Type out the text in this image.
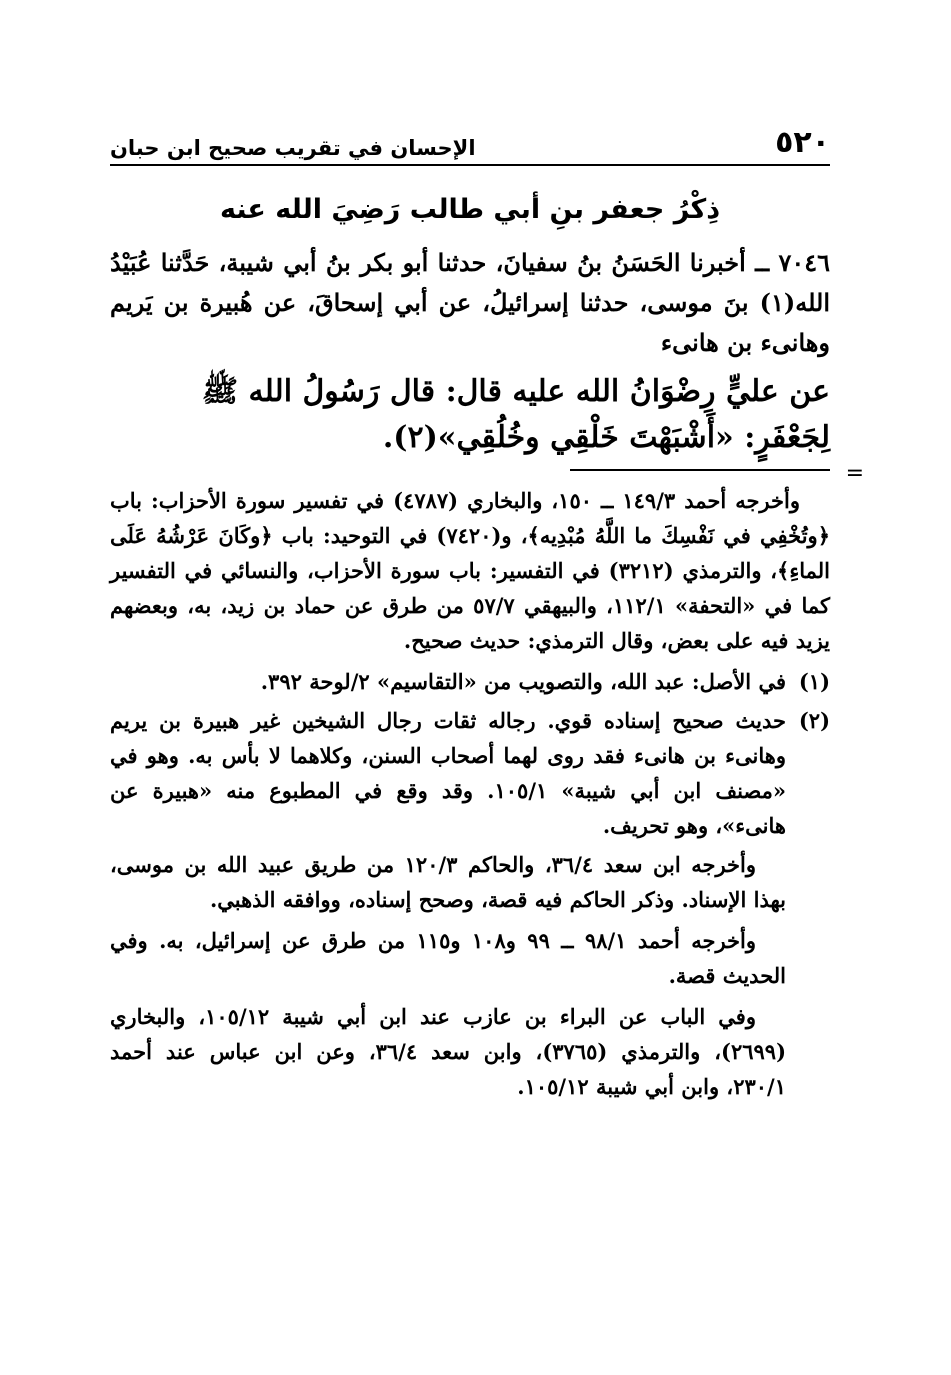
٥٢٠
الإحسان في تقريب صحيح ابن حبان
ذِكْرُ جعفر بنِ أبي طالب رَضِيَ الله عنه

٧٠٤٦ ــ أخبرنا الحَسَنُ بنُ سفيانَ، حدثنا أبو بكر بنُ أبي شيبة، حَدَّثنا عُبَيْدُ الله(١) بنَ موسى، حدثنا إسرائيلُ، عن أبي إسحاقَ، عن هُبيرة بن يَريم وهانىء بن هانىء

عن عليٍّ رِضْوَانُ الله عليه قال: قال رَسُولُ الله ﷺ لِجَعْفَرٍ: «أَشْبَهْتَ خَلْقِي وخُلُقِي»(٢).

=

وأخرجه أحمد ١٤٩/٣ ــ ١٥٠، والبخاري (٤٧٨٧) في تفسير سورة الأحزاب: باب ﴿وتُخْفِي في نَفْسِكَ ما اللَّهُ مُبْدِيه﴾، و(٧٤٢٠) في التوحيد: باب ﴿وكَانَ عَرْشُهُ عَلَى الماءِ﴾، والترمذي (٣٢١٢) في التفسير: باب سورة الأحزاب، والنسائي في التفسير كما في «التحفة» ١١٢/١، والبيهقي ٥٧/٧ من طرق عن حماد بن زيد، به، وبعضهم يزيد فيه على بعض، وقال الترمذي: حديث صحيح.

(١)
في الأصل: عبد الله، والتصويب من «التقاسيم» ٢/لوحة ٣٩٢.
(٢)
حديث صحيح إسناده قوي. رجاله ثقات رجال الشيخين غير هبيرة بن يريم وهانىء بن هانىء فقد روى لهما أصحاب السنن، وكلاهما لا بأس به. وهو في «مصنف ابن أبي شيبة» ١٠٥/١. وقد وقع في المطبوع منه «هبيرة عن هانىء»، وهو تحريف.

وأخرجه ابن سعد ٣٦/٤، والحاكم ١٢٠/٣ من طريق عبيد الله بن موسى، بهذا الإسناد. وذكر الحاكم فيه قصة، وصحح إسناده، ووافقه الذهبي.

وأخرجه أحمد ٩٨/١ ــ ٩٩ و١٠٨ و١١٥ من طرق عن إسرائيل، به. وفي الحديث قصة.

وفي الباب عن البراء بن عازب عند ابن أبي شيبة ١٠٥/١٢، والبخاري (٢٦٩٩)، والترمذي (٣٧٦٥)، وابن سعد ٣٦/٤، وعن ابن عباس عند أحمد ٢٣٠/١، وابن أبي شيبة ١٠٥/١٢.
